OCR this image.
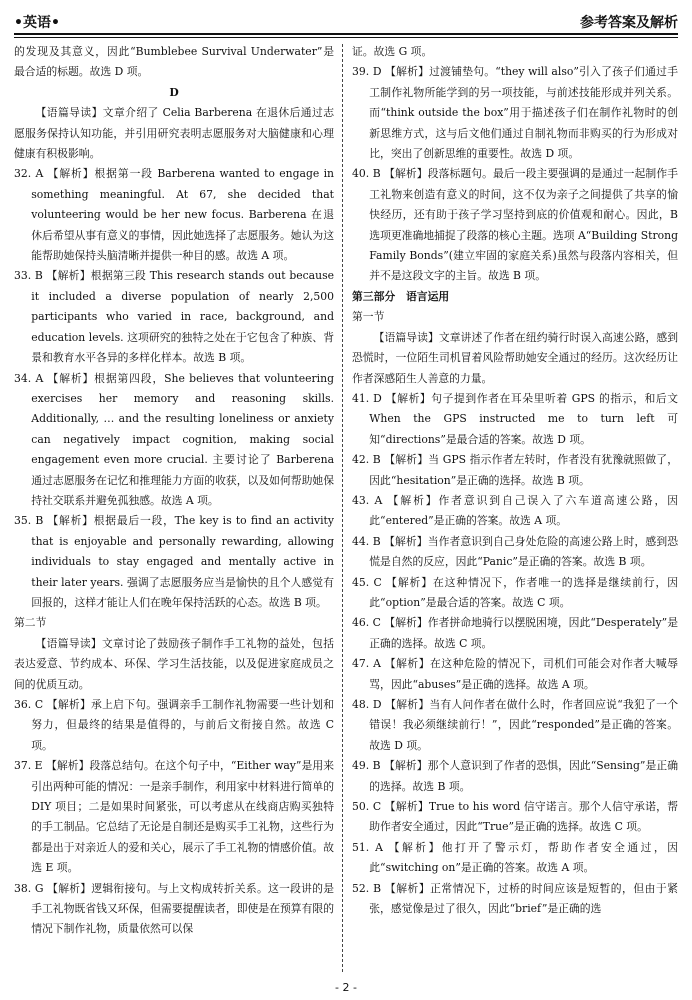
•英语•	参考答案及解析

的发现及其意义，因此“Bumblebee Survival Underwater”是最合适的标题。故选 D 项。

D

【语篇导读】文章介绍了 Celia Barberena 在退休后通过志愿服务保持认知功能，并引用研究表明志愿服务对大脑健康和心理健康有积极影响。

32. A 【解析】根据第一段 Barberena wanted to engage in something meaningful. At 67, she decided that volunteering would be her new focus. Barberena 在退休后希望从事有意义的事情，因此她选择了志愿服务。她认为这能帮助她保持头脑清晰并提供一种目的感。故选 A 项。

33. B 【解析】根据第三段 This research stands out because it included a diverse population of nearly 2,500 participants who varied in race, background, and education levels. 这项研究的独特之处在于它包含了种族、背景和教育水平各异的多样化样本。故选 B 项。

34. A 【解析】根据第四段，She believes that volunteering exercises her memory and reasoning skills. Additionally, … and the resulting loneliness or anxiety can negatively impact cognition, making social engagement even more crucial. 主要讨论了 Barberena 通过志愿服务在记忆和推理能力方面的收获，以及如何帮助她保持社交联系并避免孤独感。故选 A 项。

35. B 【解析】根据最后一段，The key is to find an activity that is enjoyable and personally rewarding, allowing individuals to stay engaged and mentally active in their later years. 强调了志愿服务应当是愉快的且个人感觉有回报的，这样才能让人们在晚年保持活跃的心态。故选 B 项。

第二节

【语篇导读】文章讨论了鼓励孩子制作手工礼物的益处，包括表达爱意、节约成本、环保、学习生活技能，以及促进家庭成员之间的优质互动。

36. C 【解析】承上启下句。强调亲手工制作礼物需要一些计划和努力，但最终的结果是值得的，与前后文衔接自然。故选 C 项。

37. E 【解析】段落总结句。在这个句子中，“Either way”是用来引出两种可能的情况：一是亲手制作，利用家中材料进行简单的 DIY 项目；二是如果时间紧张，可以考虑从在线商店购买独特的手工制品。它总结了无论是自制还是购买手工礼物，这些行为都是出于对亲近人的爱和关心，展示了手工礼物的情感价值。故选 E 项。

38. G 【解析】逻辑衔接句。与上文构成转折关系。这一段讲的是手工礼物既省钱又环保，但需要提醒读者，即使是在预算有限的情况下制作礼物，质量依然可以保

证。故选 G 项。

39. D 【解析】过渡铺垫句。“they will also”引入了孩子们通过手工制作礼物所能学到的另一项技能，与前述技能形成并列关系。而“think outside the box”用于描述孩子们在制作礼物时的创新思维方式，这与后文他们通过自制礼物而非购买的行为形成对比，突出了创新思维的重要性。故选 D 项。

40. B 【解析】段落标题句。最后一段主要强调的是通过一起制作手工礼物来创造有意义的时间，这不仅为亲子之间提供了共享的愉快经历，还有助于孩子学习坚持到底的价值观和耐心。因此，B 选项更准确地捕捉了段落的核心主题。选项 A“Building Strong Family Bonds”(建立牢固的家庭关系)虽然与段落内容相关，但并不是这段文字的主旨。故选 B 项。

第三部分　语言运用

第一节

【语篇导读】文章讲述了作者在纽约骑行时误入高速公路，感到恐慌时，一位陌生司机冒着风险帮助她安全通过的经历。这次经历让作者深感陌生人善意的力量。

41. D 【解析】句子提到作者在耳朵里听着 GPS 的指示，和后文 When the GPS instructed me to turn left 可知“directions”是最合适的答案。故选 D 项。

42. B 【解析】当 GPS 指示作者左转时，作者没有犹豫就照做了，因此“hesitation”是正确的选择。故选 B 项。

43. A 【解析】作者意识到自己误入了六车道高速公路，因此“entered”是正确的答案。故选 A 项。

44. B 【解析】当作者意识到自己身处危险的高速公路上时，感到恐慌是自然的反应，因此“Panic”是正确的答案。故选 B 项。

45. C 【解析】在这种情况下，作者唯一的选择是继续前行，因此“option”是最合适的答案。故选 C 项。

46. C 【解析】作者拼命地骑行以摆脱困境，因此“Desperately”是正确的选择。故选 C 项。

47. A 【解析】在这种危险的情况下，司机们可能会对作者大喊辱骂，因此“abuses”是正确的选择。故选 A 项。

48. D 【解析】当有人问作者在做什么时，作者回应说“我犯了一个错误！我必须继续前行！”，因此“responded”是正确的答案。故选 D 项。

49. B 【解析】那个人意识到了作者的恐惧，因此“Sensing”是正确的选择。故选 B 项。

50. C 【解析】True to his word 信守诺言。那个人信守承诺，帮助作者安全通过，因此“True”是正确的选择。故选 C 项。

51. A 【解析】他打开了警示灯，帮助作者安全通过，因此“switching on”是正确的答案。故选 A 项。

52. B 【解析】正常情况下，过桥的时间应该是短暂的，但由于紧张，感觉像是过了很久，因此“brief”是正确的选

- 2 -
